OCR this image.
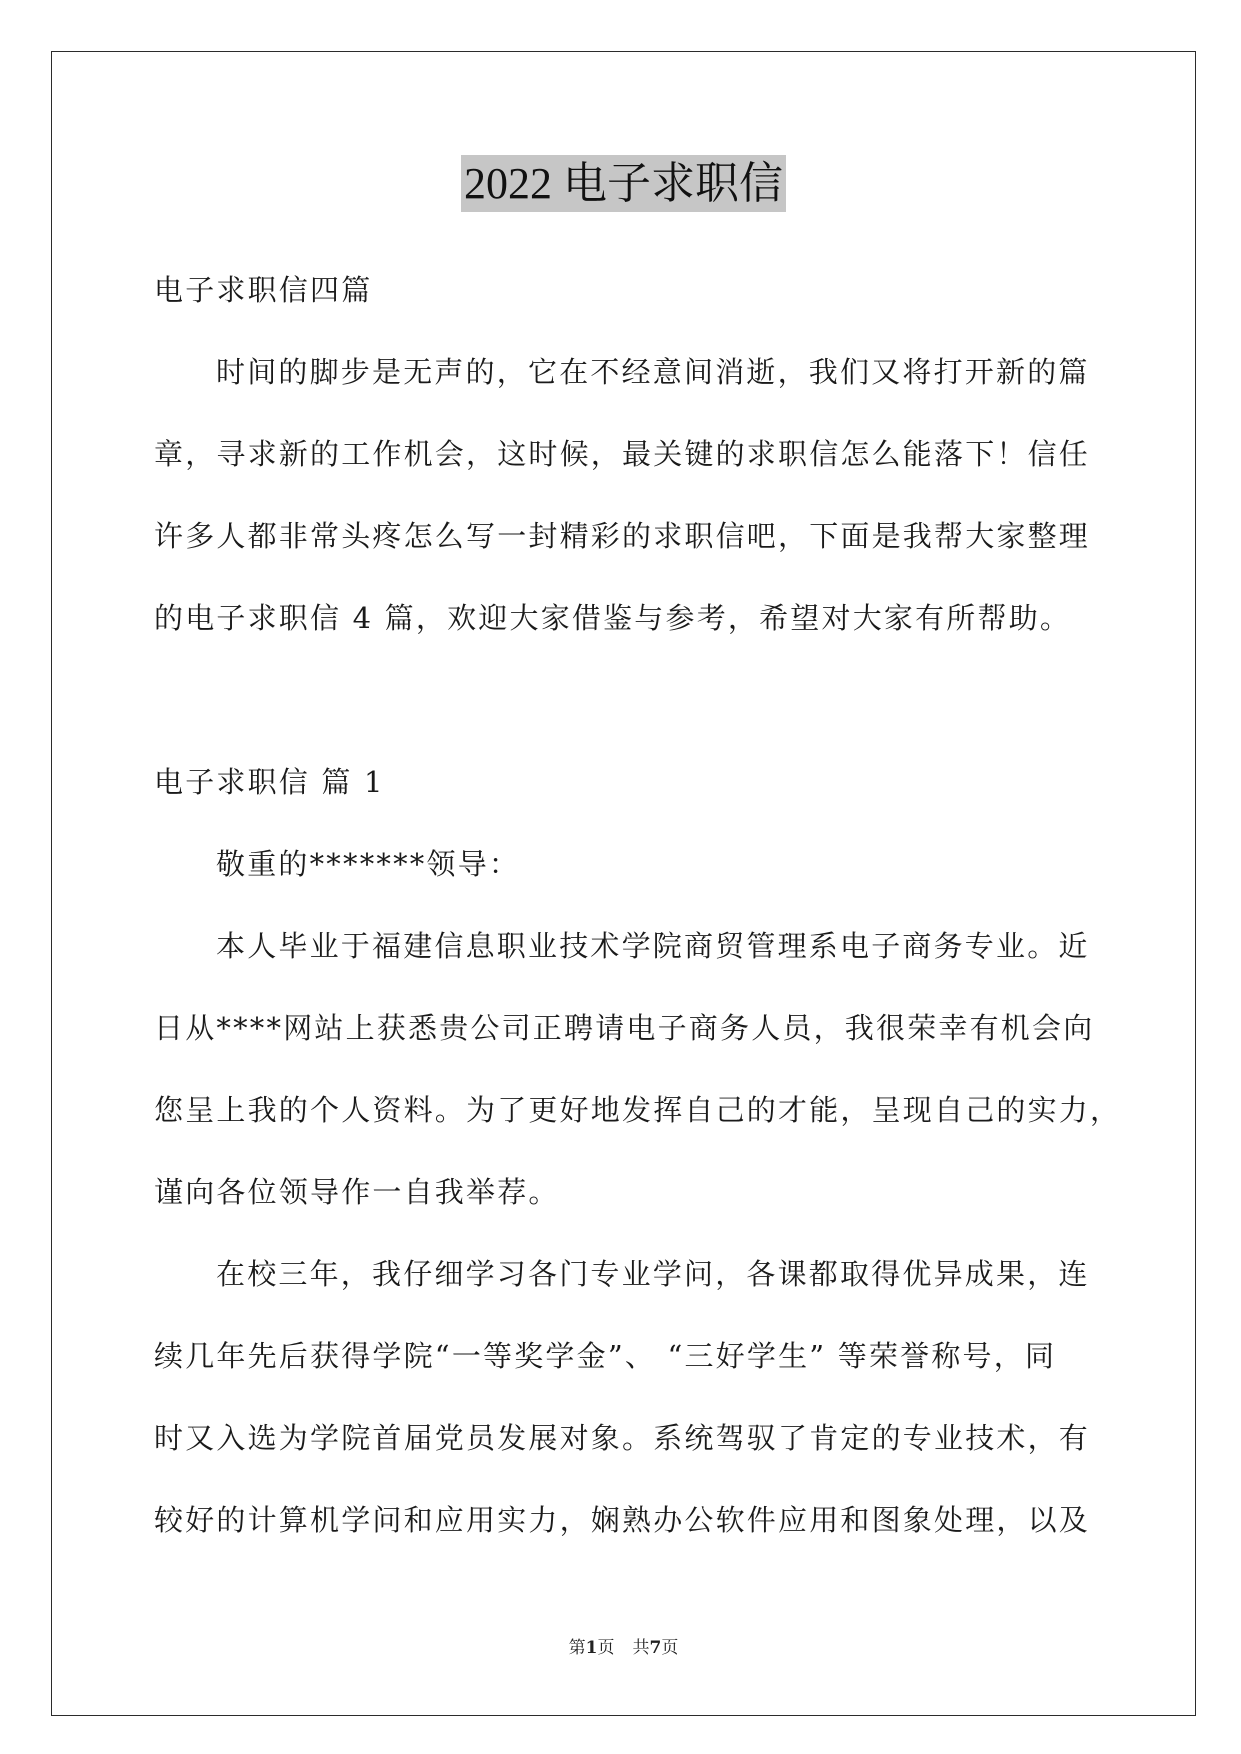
2022 电子求职信
电子求职信四篇
时间的脚步是无声的，它在不经意间消逝，我们又将打开新的篇
章，寻求新的工作机会，这时候，最关键的求职信怎么能落下！信任
许多人都非常头疼怎么写一封精彩的求职信吧，下面是我帮大家整理
的电子求职信 4 篇，欢迎大家借鉴与参考，希望对大家有所帮助。
电子求职信 篇 1
敬重的*******领导：
本人毕业于福建信息职业技术学院商贸管理系电子商务专业。近
日从****网站上获悉贵公司正聘请电子商务人员，我很荣幸有机会向
您呈上我的个人资料。为了更好地发挥自己的才能，呈现自己的实力，
谨向各位领导作一自我举荐。
在校三年，我仔细学习各门专业学问，各课都取得优异成果，连
续几年先后获得学院“一等奖学金”、 “三好学生” 等荣誉称号，同
时又入选为学院首届党员发展对象。系统驾驭了肯定的专业技术，有
较好的计算机学问和应用实力，娴熟办公软件应用和图象处理，以及
第1页 共7页
